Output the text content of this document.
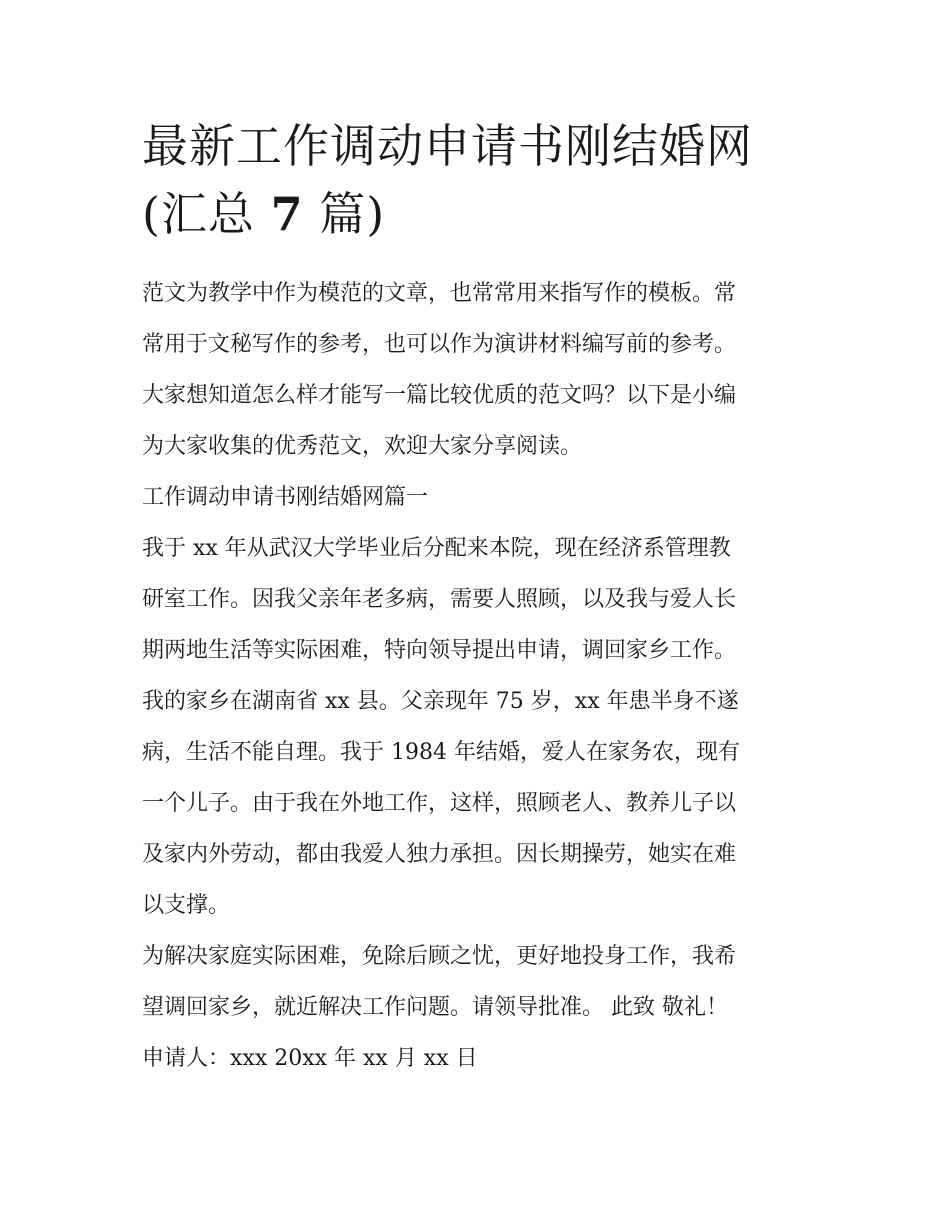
最新工作调动申请书刚结婚网
(汇总 7 篇)

范文为教学中作为模范的文章，也常常用来指写作的模板。常
常用于文秘写作的参考，也可以作为演讲材料编写前的参考。
大家想知道怎么样才能写一篇比较优质的范文吗？以下是小编
为大家收集的优秀范文，欢迎大家分享阅读。

工作调动申请书刚结婚网篇一

我于 xx 年从武汉大学毕业后分配来本院，现在经济系管理教
研室工作。因我父亲年老多病，需要人照顾，以及我与爱人长
期两地生活等实际困难，特向领导提出申请，调回家乡工作。
我的家乡在湖南省 xx 县。父亲现年 75 岁，xx 年患半身不遂
病，生活不能自理。我于 1984 年结婚，爱人在家务农，现有
一个儿子。由于我在外地工作，这样，照顾老人、教养儿子以
及家内外劳动，都由我爱人独力承担。因长期操劳，她实在难
以支撑。

为解决家庭实际困难，免除后顾之忧，更好地投身工作，我希
望调回家乡，就近解决工作问题。请领导批准。 此致 敬礼！

申请人：xxx 20xx 年 xx 月 xx 日
